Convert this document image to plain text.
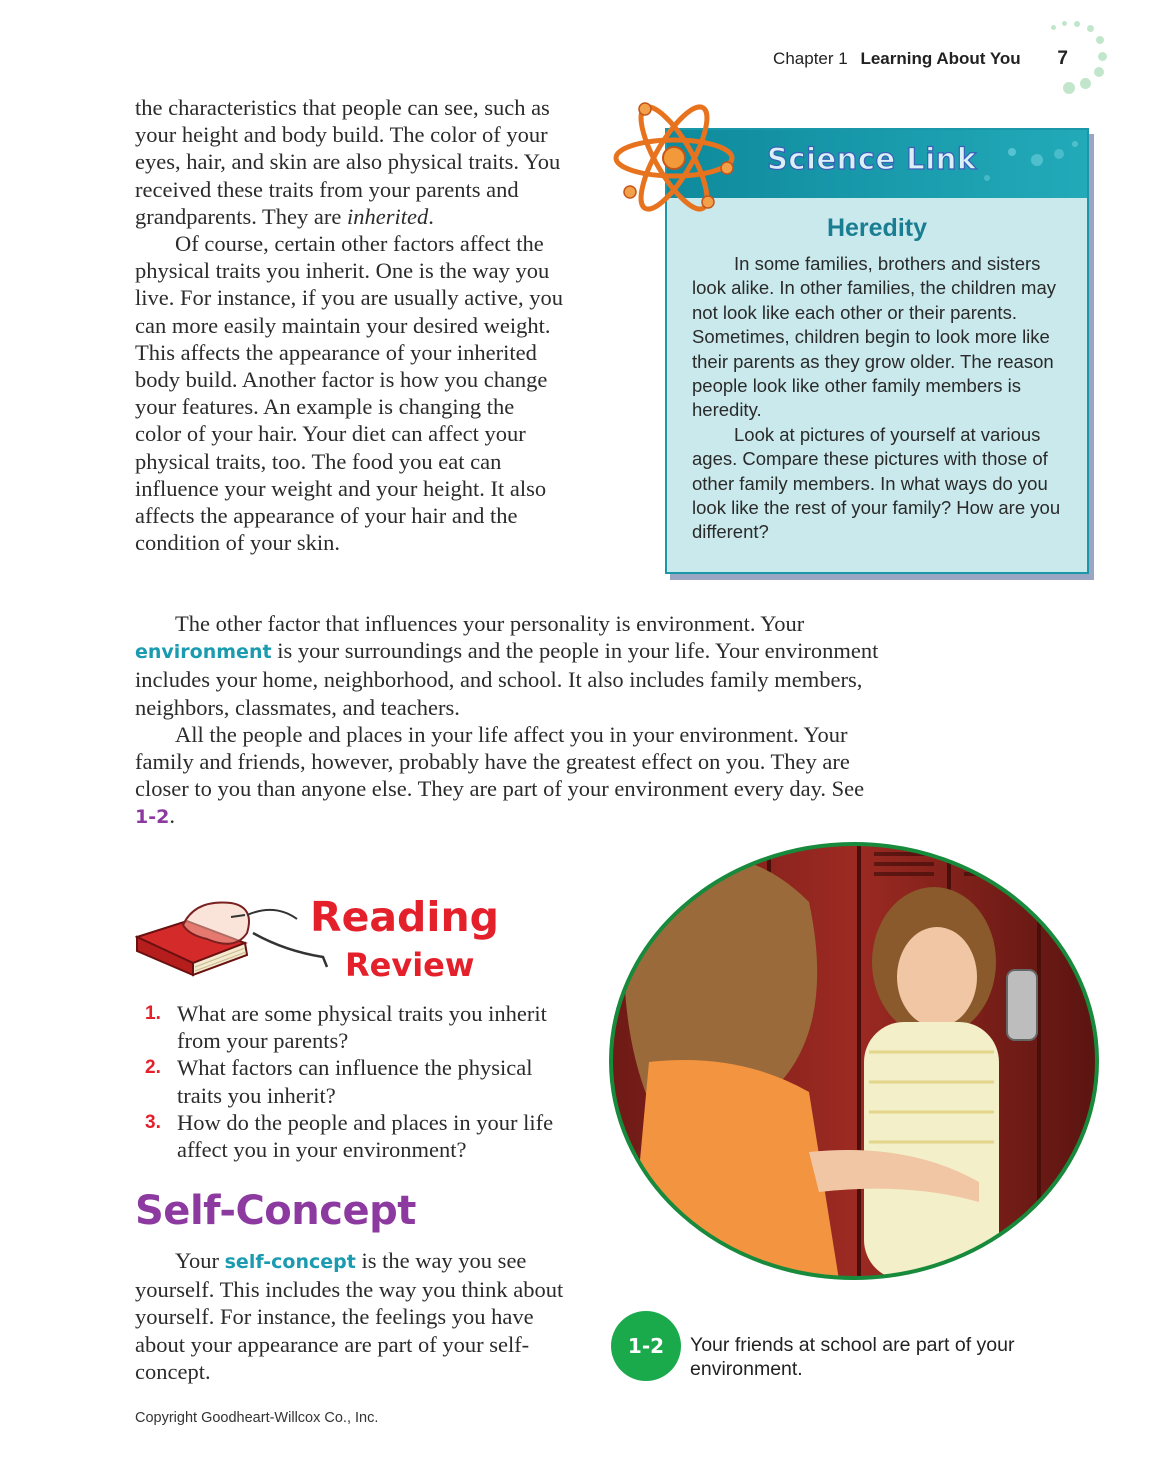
Chapter 1 Learning About You 7

the characteristics that people can see, such as your height and body build. The color of your eyes, hair, and skin are also physical traits. You received these traits from your parents and grandparents. They are inherited.

Of course, certain other factors affect the physical traits you inherit. One is the way you live. For instance, if you are usually active, you can more easily maintain your desired weight. This affects the appearance of your inherited body build. Another factor is how you change your features. An example is changing the color of your hair. Your diet can affect your physical traits, too. The food you eat can influence your weight and your height. It also affects the appearance of your hair and the condition of your skin.

The other factor that influences your personality is environment. Your environment is your surroundings and the people in your life. Your environment includes your home, neighborhood, and school. It also includes family members, neighbors, classmates, and teachers.

All the people and places in your life affect you in your environment. Your family and friends, however, probably have the greatest effect on you. They are closer to you than anyone else. They are part of your environment every day. See 1-2.

Science Link
Heredity

In some families, brothers and sisters look alike. In other families, the children may not look like each other or their parents. Sometimes, children begin to look more like their parents as they grow older. The reason people look like other family members is heredity.

Look at pictures of yourself at various ages. Compare these pictures with those of other family members. In what ways do you look like the rest of your family? How are you different?

Reading
Review
1. What are some physical traits you inherit from your parents?
2. What factors can influence the physical traits you inherit?
3. How do the people and places in your life affect you in your environment?
Self-Concept

Your self-concept is the way you see yourself. This includes the way you think about yourself. For instance, the feelings you have about your appearance are part of your self-concept.

1-2	Your friends at school are part of your environment.
Copyright Goodheart-Willcox Co., Inc.
